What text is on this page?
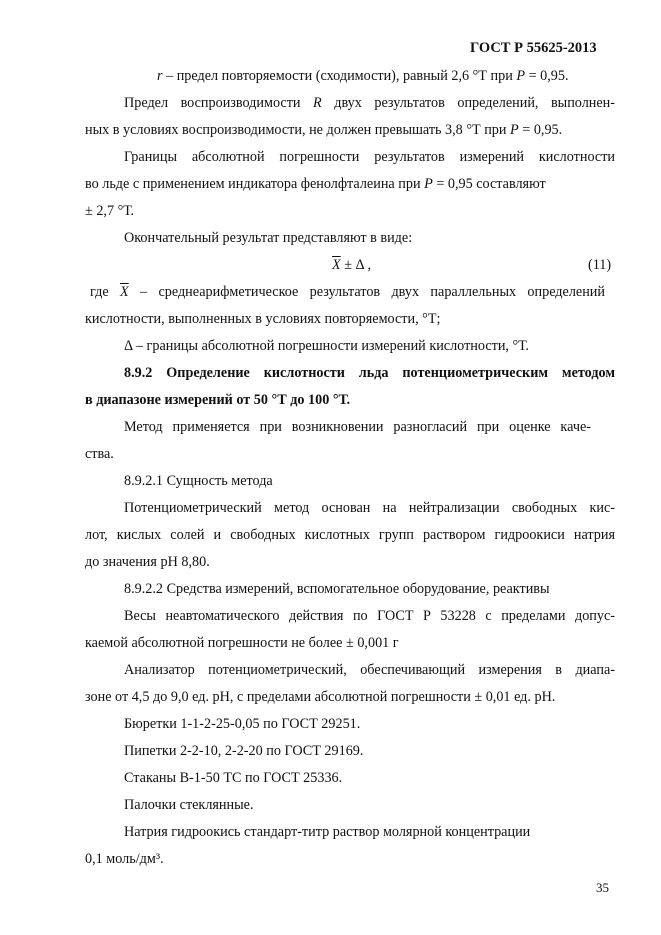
ГОСТ Р 55625-2013
r – предел повторяемости (сходимости), равный 2,6 °Т при P = 0,95.
Предел воспроизводимости R двух результатов определений, выполнен-
ных в условиях воспроизводимости, не должен превышать 3,8 °Т при P = 0,95.
Границы абсолютной погрешности результатов измерений кислотности
во льде с применением индикатора фенолфталеина при P = 0,95 составляют
± 2,7 °Т.
Окончательный результат представляют в виде:
$\overline{X} \pm \Delta$ ,	(11)
где $\overline{X}$ – среднеарифметическое результатов двух параллельных определений
кислотности, выполненных в условиях повторяемости, °Т;
Δ – границы абсолютной погрешности измерений кислотности, °Т.
8.9.2 Определение кислотности льда потенциометрическим методом
в диапазоне измерений от 50 °Т до 100 °Т.
Метод применяется при возникновении разногласий при оценке каче-
ства.
8.9.2.1 Сущность метода
Потенциометрический метод основан на нейтрализации свободных кис-
лот, кислых солей и свободных кислотных групп раствором гидроокиси натрия
до значения рН 8,80.
8.9.2.2 Средства измерений, вспомогательное оборудование, реактивы
Весы неавтоматического действия по ГОСТ Р 53228 с пределами допус-
каемой абсолютной погрешности не более ± 0,001 г
Анализатор потенциометрический, обеспечивающий измерения в диапа-
зоне от 4,5 до 9,0 ед. рН, с пределами абсолютной погрешности ± 0,01 ед. рН.
Бюретки 1-1-2-25-0,05 по ГОСТ 29251.
Пипетки 2-2-10, 2-2-20 по ГОСТ 29169.
Стаканы В-1-50 ТС по ГОСТ 25336.
Палочки стеклянные.
Натрия гидроокись стандарт-титр раствор молярной концентрации
0,1 моль/дм³.
35
